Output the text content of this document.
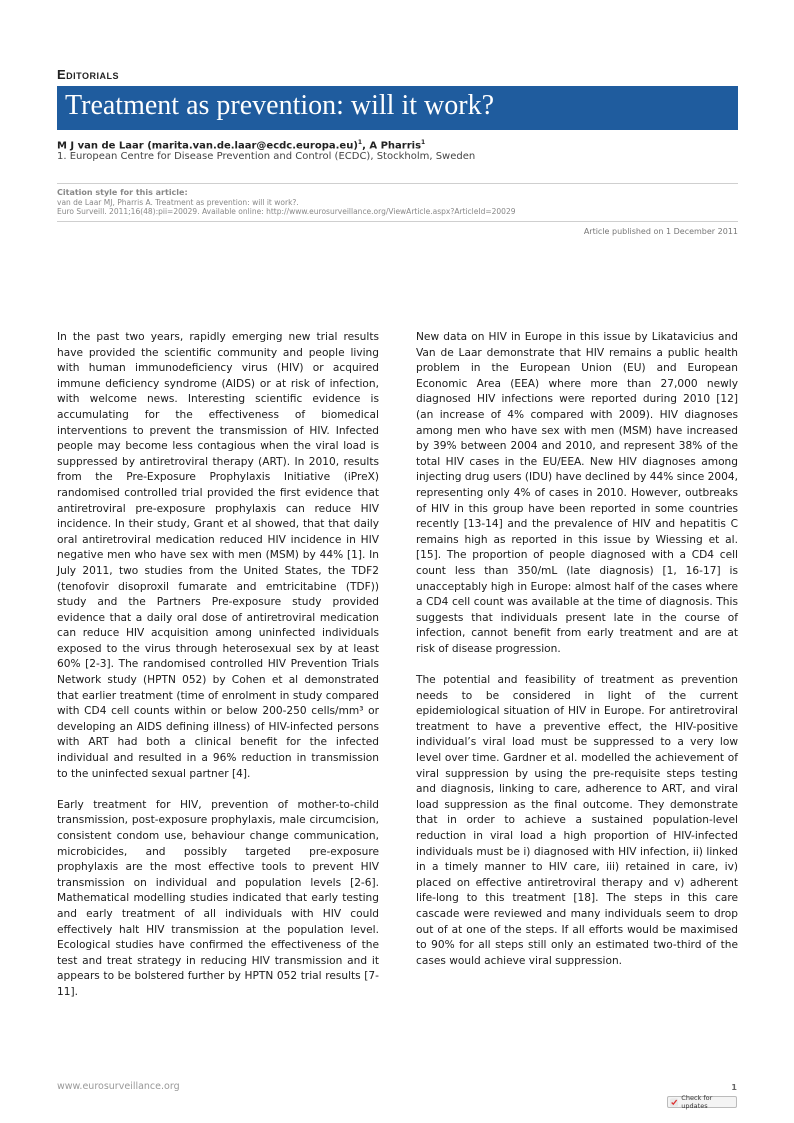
Editorials
Treatment as prevention: will it work?
M J van de Laar (marita.van.de.laar@ecdc.europa.eu)$^1$, A Pharris$^1$
1. European Centre for Disease Prevention and Control (ECDC), Stockholm, Sweden
Citation style for this article:
van de Laar MJ, Pharris A. Treatment as prevention: will it work?.
Euro Surveill. 2011;16(48):pii=20029. Available online: http://www.eurosurveillance.org/ViewArticle.aspx?ArticleId=20029
Article published on 1 December 2011

In the past two years, rapidly emerging new trial results have provided the scientific community and people living with human immunodeficiency virus (HIV) or acquired immune deficiency syndrome (AIDS) or at risk of infection, with welcome news. Interesting scientific evidence is accumulating for the effectiveness of biomedical interventions to prevent the transmission of HIV. Infected people may become less contagious when the viral load is suppressed by antiretroviral therapy (ART). In 2010, results from the Pre-Exposure Prophylaxis Initiative (iPreX) randomised controlled trial provided the first evidence that antiretroviral pre-exposure prophylaxis can reduce HIV incidence. In their study, Grant et al showed, that that daily oral antiretroviral medication reduced HIV incidence in HIV negative men who have sex with men (MSM) by 44% [1]. In July 2011, two studies from the United States, the TDF2 (tenofovir disoproxil fumarate and emtricitabine (TDF)) study and the Partners Pre-exposure study provided evidence that a daily oral dose of antiretroviral medication can reduce HIV acquisition among uninfected individuals exposed to the virus through heterosexual sex by at least 60% [2-3]. The randomised controlled HIV Prevention Trials Network study (HPTN 052) by Cohen et al demonstrated that earlier treatment (time of enrolment in study compared with CD4 cell counts within or below 200-250 cells/mm³ or developing an AIDS defining illness) of HIV-infected persons with ART had both a clinical benefit for the infected individual and resulted in a 96% reduction in transmission to the uninfected sexual partner [4].

Early treatment for HIV, prevention of mother-to-child transmission, post-exposure prophylaxis, male circumcision, consistent condom use, behaviour change communication, microbicides, and possibly targeted pre-exposure prophylaxis are the most effective tools to prevent HIV transmission on individual and population levels [2-6]. Mathematical modelling studies indicated that early testing and early treatment of all individuals with HIV could effectively halt HIV transmission at the population level. Ecological studies have confirmed the effectiveness of the test and treat strategy in reducing HIV transmission and it appears to be bolstered further by HPTN 052 trial results [7-11].

New data on HIV in Europe in this issue by Likatavicius and Van de Laar demonstrate that HIV remains a public health problem in the European Union (EU) and European Economic Area (EEA) where more than 27,000 newly diagnosed HIV infections were reported during 2010 [12] (an increase of 4% compared with 2009). HIV diagnoses among men who have sex with men (MSM) have increased by 39% between 2004 and 2010, and represent 38% of the total HIV cases in the EU/EEA. New HIV diagnoses among injecting drug users (IDU) have declined by 44% since 2004, representing only 4% of cases in 2010. However, outbreaks of HIV in this group have been reported in some countries recently [13-14] and the prevalence of HIV and hepatitis C remains high as reported in this issue by Wiessing et al. [15]. The proportion of people diagnosed with a CD4 cell count less than 350/mL (late diagnosis) [1, 16-17] is unacceptably high in Europe: almost half of the cases where a CD4 cell count was available at the time of diagnosis. This suggests that individuals present late in the course of infection, cannot benefit from early treatment and are at risk of disease progression.

The potential and feasibility of treatment as prevention needs to be considered in light of the current epidemiological situation of HIV in Europe. For antiretroviral treatment to have a preventive effect, the HIV-positive individual’s viral load must be suppressed to a very low level over time. Gardner et al. modelled the achievement of viral suppression by using the pre-requisite steps testing and diagnosis, linking to care, adherence to ART, and viral load suppression as the final outcome. They demonstrate that in order to achieve a sustained population-level reduction in viral load a high proportion of HIV-infected individuals must be i) diagnosed with HIV infection, ii) linked in a timely manner to HIV care, iii) retained in care, iv) placed on effective antiretroviral therapy and v) adherent life-long to this treatment [18]. The steps in this care cascade were reviewed and many individuals seem to drop out of at one of the steps. If all efforts would be maximised to 90% for all steps still only an estimated two-third of the cases would achieve viral suppression.

www.eurosurveillance.org	1
Check for updates
